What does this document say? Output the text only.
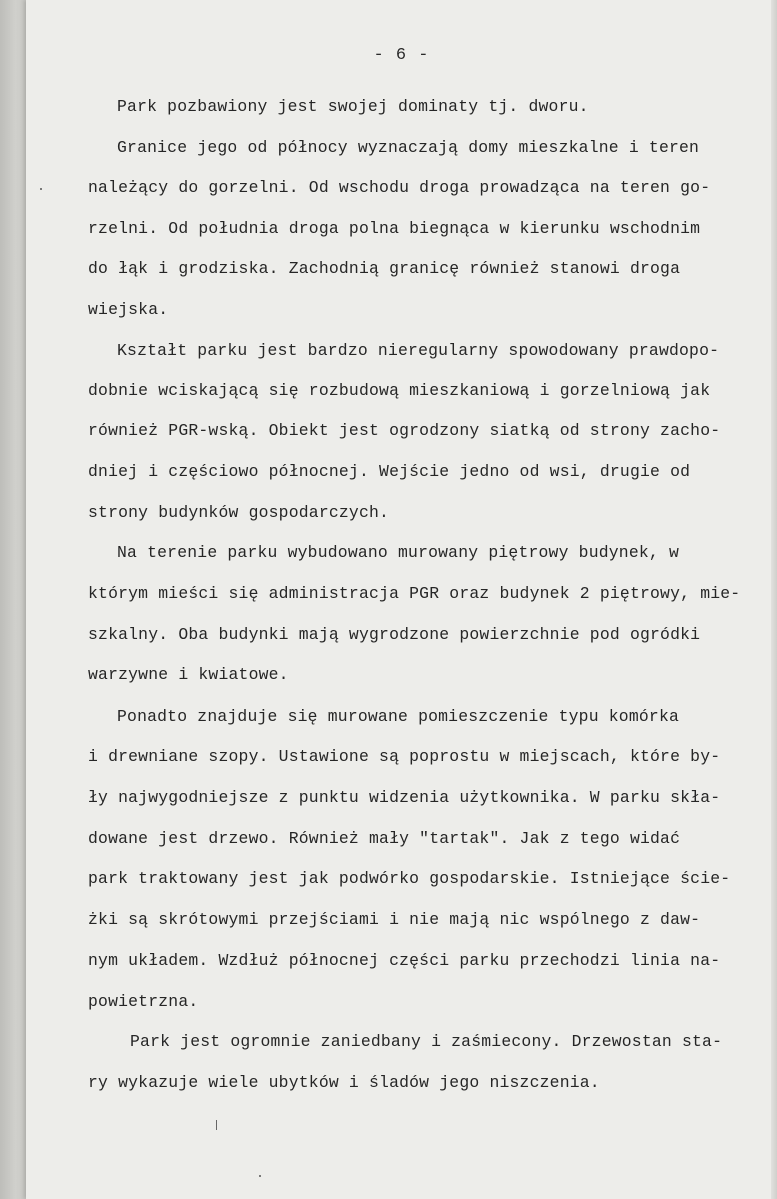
- 6 -
Park pozbawiony jest swojej dominaty tj. dworu.
Granice jego od północy wyznaczają domy mieszkalne i teren
należący do gorzelni. Od wschodu droga prowadząca na teren go-
rzelni. Od południa droga polna biegnąca w kierunku wschodnim
do łąk i grodziska. Zachodnią granicę również stanowi droga
wiejska.
Kształt parku jest bardzo nieregularny spowodowany prawdopo-
dobnie wciskającą się rozbudową mieszkaniową i gorzelniową jak
również PGR-wską. Obiekt jest ogrodzony siatką od strony zacho-
dniej i częściowo północnej. Wejście jedno od wsi, drugie od
strony budynków gospodarczych.
Na terenie parku wybudowano murowany piętrowy budynek, w
którym mieści się administracja PGR oraz budynek 2 piętrowy, mie-
szkalny. Oba budynki mają wygrodzone powierzchnie pod ogródki
warzywne i kwiatowe.
Ponadto znajduje się murowane pomieszczenie typu komórka
i drewniane szopy. Ustawione są poprostu w miejscach, które by-
ły najwygodniejsze z punktu widzenia użytkownika. W parku skła-
dowane jest drzewo. Również mały "tartak". Jak z tego widać
park traktowany jest jak podwórko gospodarskie. Istniejące ście-
żki są skrótowymi przejściami i nie mają nic wspólnego z daw-
nym układem. Wzdłuż północnej części parku przechodzi linia na-
powietrzna.
Park jest ogromnie zaniedbany i zaśmiecony. Drzewostan sta-
ry wykazuje wiele ubytków i śladów jego niszczenia.
